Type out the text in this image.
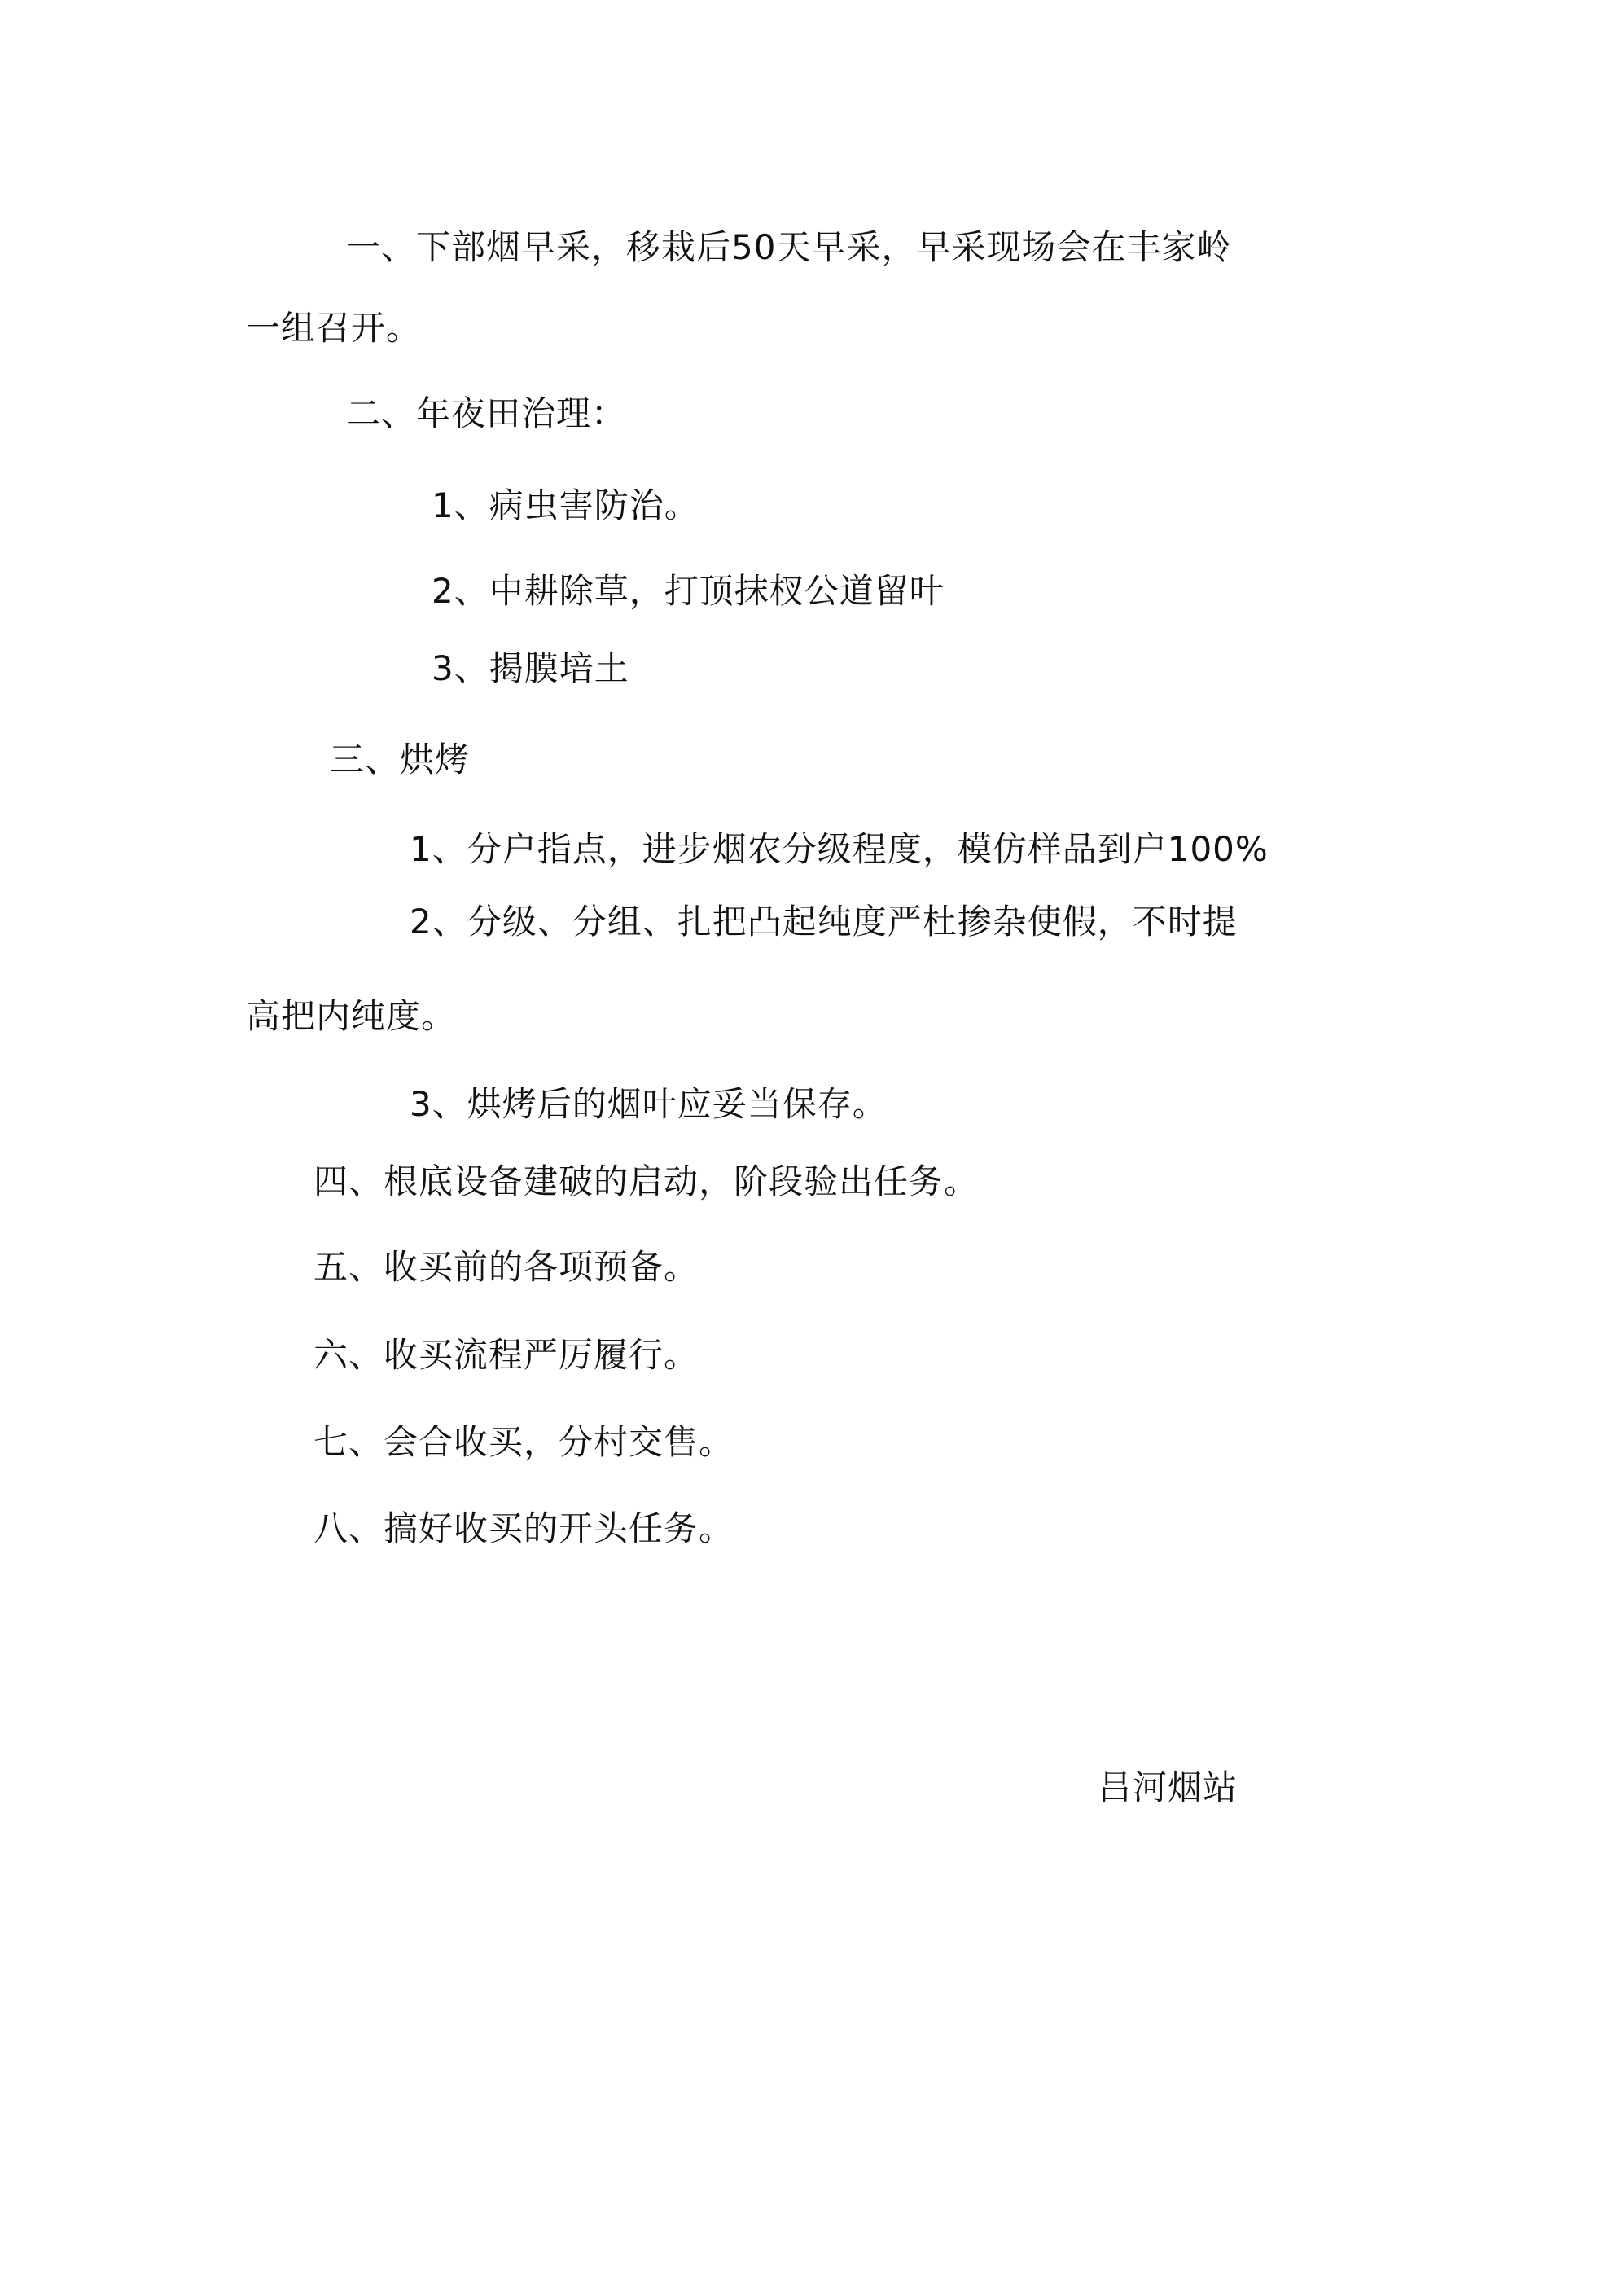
一、下部烟早采，移栽后50天早采，早采现场会在丰家岭
一组召开。
二、年夜田治理：
1、病虫害防治。
2、中耕除草，打顶抹杈公道留叶
3、揭膜培土
三、烘烤
1、分户指点，进步烟农分级程度，模仿样品到户100%
2、分级、分组、扎把凸起纯度严杜掺杂使假，不时提
高把内纯度。
3、烘烤后的烟叶应妥当保存。
四、根底设备建破的启动，阶段验出任务。
五、收买前的各项预备。
六、收买流程严厉履行。
七、会合收买，分村交售。
八、搞好收买的开头任务。
吕河烟站
